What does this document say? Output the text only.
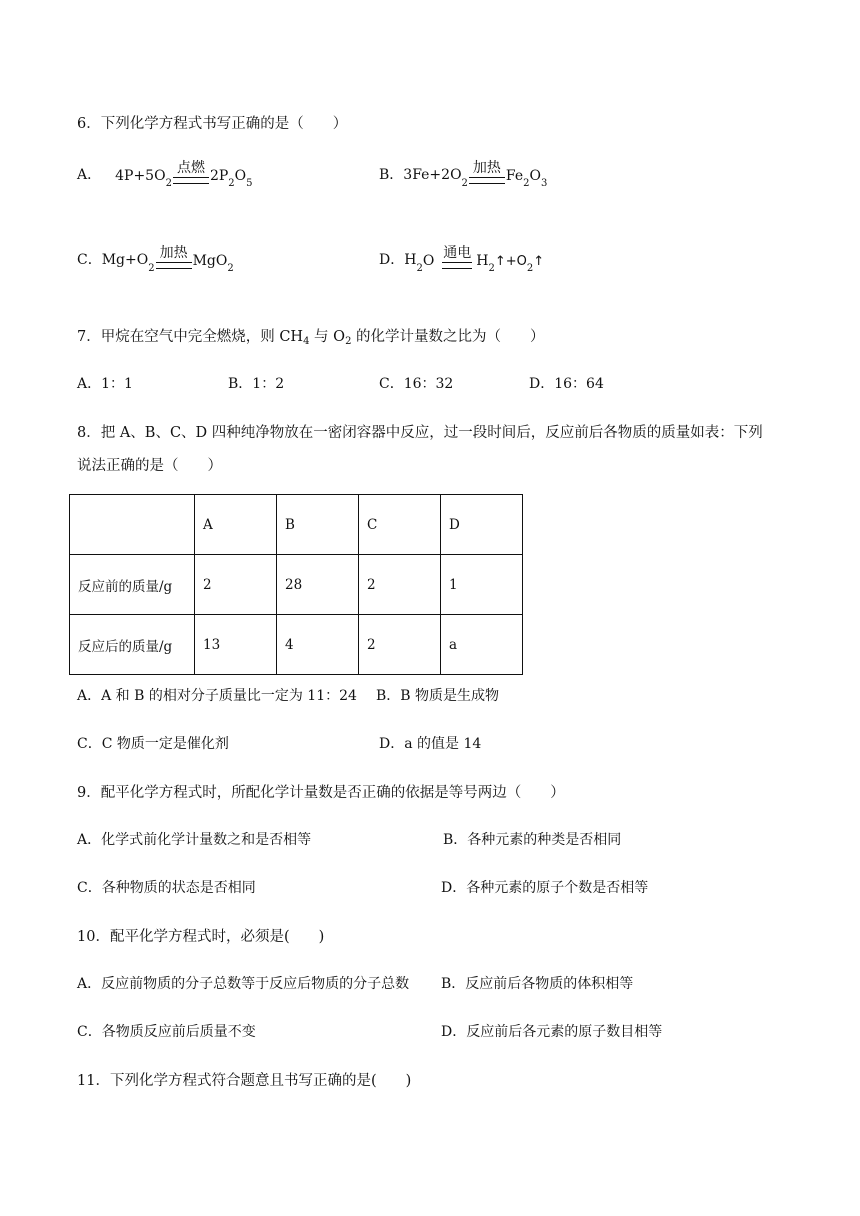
6．下列化学方程式书写正确的是（　　）
A． 4P+5O 2
点燃 2P 2 O 5
B．3Fe+2O
2
加热 Fe 2 O 3
C．Mg+O
2
加热 MgO 2
D．H
2 O 通电 H 2 ↑+O 2 ↑
7．甲烷在空气中完全燃烧，则 $CH_4$ 与 $O_2$ 的化学计量数之比为（　　）
A．1：1	B．1：2	C．16：32	D．16：64
8．把 A、B、C、D 四种纯净物放在一密闭容器中反应，过一段时间后，反应前后各物质的质量如表：下列
说法正确的是（　　）
	A	B	C	D
反应前的质量/g	2	28	2	1
反应后的质量/g	13	4	2	a
A．A 和 B 的相对分子质量比一定为 11：24 B．B 物质是生成物
C．C 物质一定是催化剂	D．a 的值是 14
9．配平化学方程式时，所配化学计量数是否正确的依据是等号两边（　　）
A．化学式前化学计量数之和是否相等	B．各种元素的种类是否相同
C．各种物质的状态是否相同	D．各种元素的原子个数是否相等
10．配平化学方程式时，必须是(　　)
A．反应前物质的分子总数等于反应后物质的分子总数 B．反应前后各物质的体积相等
C．各物质反应前后质量不变	D．反应前后各元素的原子数目相等
11．下列化学方程式符合题意且书写正确的是(　　)
